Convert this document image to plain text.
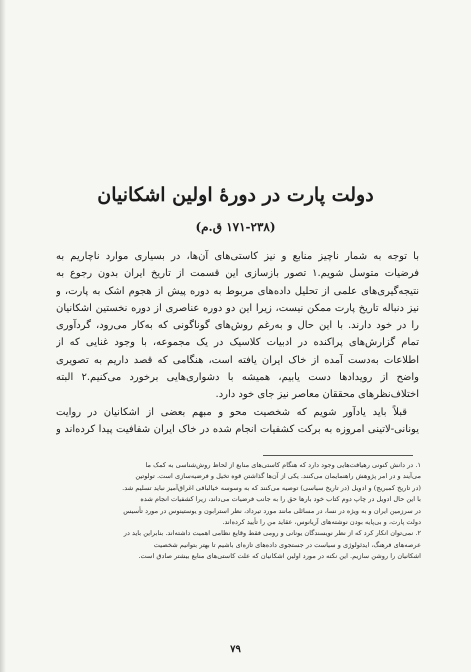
دولت پارت در دورهٔ اولین اشکانیان
(۱۷۱-۲۳۸ ق.م)
با توجه به شمار ناچیز منابع و نیز کاستی‌های آن‌ها، در بسیاری موارد ناچاریم به
فرضیات متوسل شویم.۱ تصور بازسازی این قسمت از تاریخ ایران بدون رجوع به
نتیجه‌گیری‌های علمی از تحلیل داده‌های مربوط به دوره پیش از هجوم اشک به پارت، و
نیز دنباله تاریخ پارت ممکن نیست، زیرا این دو دوره عناصری از دوره نخستین اشکانیان
را در خود دارند. با این حال و به‌رغم روش‌های گوناگونی که به‌کار می‌رود، گردآوری
تمام گزارش‌های پراکنده در ادبیات کلاسیک در یک مجموعه، با وجود غنایی که از
اطلاعات به‌دست آمده از خاک ایران یافته است، هنگامی که قصد داریم به تصویری
واضح از رویدادها دست یابیم، همیشه با دشواری‌هایی برخورد می‌کنیم.۲ البته
اختلاف‌نظرهای محققان معاصر نیز جای خود دارد.
قبلاً باید یادآور شویم که شخصیت محو و مبهم بعضی از اشکانیان در روایت
یونانی-لاتینی امروزه به برکت کشفیات انجام شده در خاک ایران شفافیت پیدا کرده‌اند و
۱. در دانش کنونی رهیافت‌هایی وجود دارد که هنگام کاستی‌های منابع از لحاظ روش‌شناسی به کمک ما
می‌آیند و در امر پژوهش راهنمایمان می‌کنند. یکی از آن‌ها گذاشتن قوه تخیل و فرضیه‌سازی است. تولوتین
(در تاریخ کمبریج) و ادویل (در تاریخ سیاسی) توصیه می‌کنند که به وسوسه خیالبافی اغراق‌آمیز نباید تسلیم شد.
با این حال ادویل در چاپ دوم کتاب خود بارها حق را به جانب فرضیات می‌داند، زیرا کشفیات انجام شده
در سرزمین ایران و به ویژه در نسا، در مسائلی مانند مورد تیرداد، نظر استرابون و یوستینوس در مورد تأسیس
دولت پارت، و بی‌پایه بودن نوشته‌های آریانوس، عقاید من را تأیید کرده‌اند.
۲. نمی‌توان انکار کرد که از نظر نویسندگان یونانی و رومی فقط وقایع نظامی اهمیت داشته‌اند. بنابراین باید در
عرصه‌های فرهنگ، ایدئولوژی و سیاست در جستجوی داده‌های تازه‌ای باشیم تا بهتر بتوانیم شخصیت
اشکانیان را روشن سازیم. این نکته در مورد اولین اشکانیان که علت کاستی‌های منابع بیشتر صادق است.
۷۹
